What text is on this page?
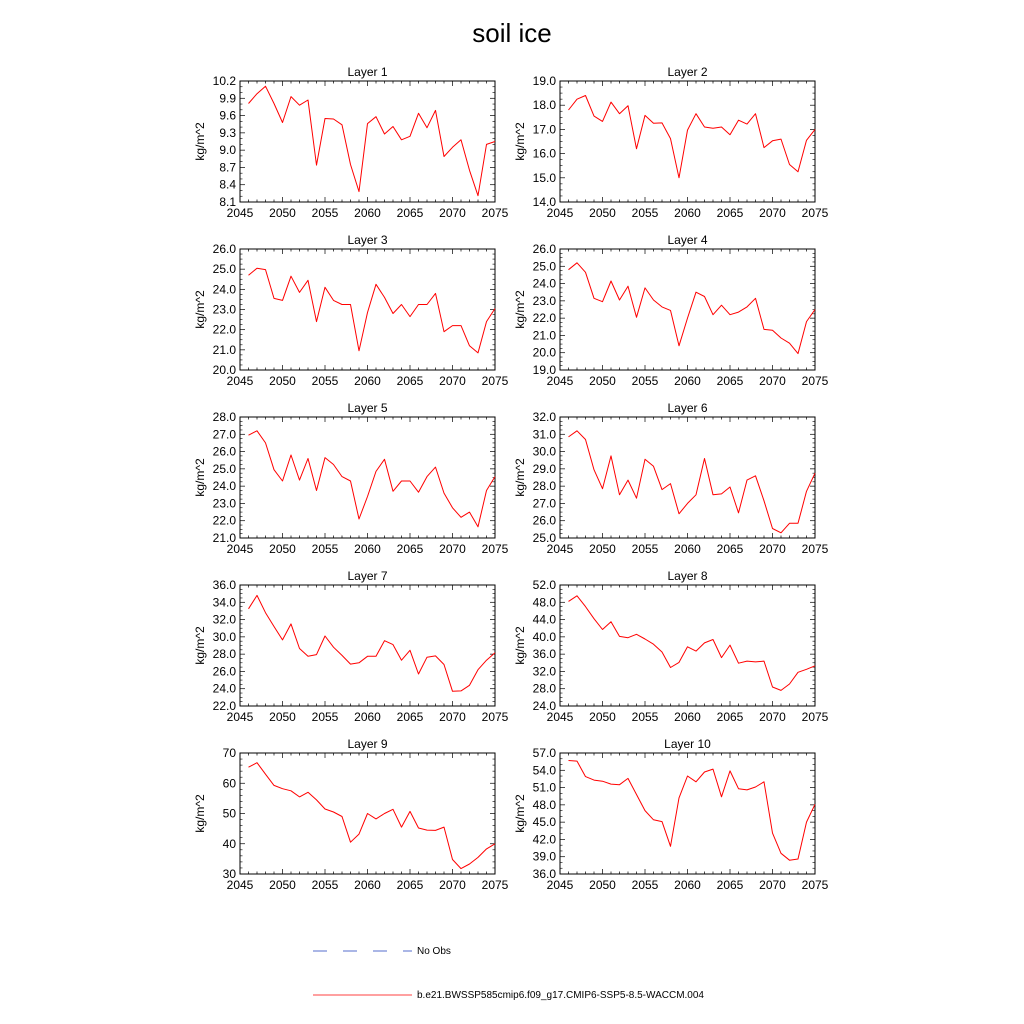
soil ice
Layer 1
kg/m^2
2045 2050 2055 2060 2065 2070 2075
8.1
8.4
8.7
9.0
9.3
9.6
9.9
10.2
Layer 2
kg/m^2
2045 2050 2055 2060 2065 2070 2075
14.0
15.0
16.0
17.0
18.0
19.0
Layer 3
kg/m^2
2045 2050 2055 2060 2065 2070 2075
20.0
21.0
22.0
23.0
24.0
25.0
26.0
Layer 4
kg/m^2
2045 2050 2055 2060 2065 2070 2075
19.0
20.0
21.0
22.0
23.0
24.0
25.0
26.0
Layer 5
kg/m^2
2045 2050 2055 2060 2065 2070 2075
21.0
22.0
23.0
24.0
25.0
26.0
27.0
28.0
Layer 6
kg/m^2
2045 2050 2055 2060 2065 2070 2075
25.0
26.0
27.0
28.0
29.0
30.0
31.0
32.0
Layer 7
kg/m^2
2045 2050 2055 2060 2065 2070 2075
22.0
24.0
26.0
28.0
30.0
32.0
34.0
36.0
Layer 8
kg/m^2
2045 2050 2055 2060 2065 2070 2075
24.0
28.0
32.0
36.0
40.0
44.0
48.0
52.0
Layer 9
kg/m^2
2045 2050 2055 2060 2065 2070 2075
30
40
50
60
70
Layer 10
kg/m^2
2045 2050 2055 2060 2065 2070 2075
36.0
39.0
42.0
45.0
48.0
51.0
54.0
57.0
No Obs
b.e21.BWSSP585cmip6.f09_g17.CMIP6-SSP5-8.5-WACCM.004
